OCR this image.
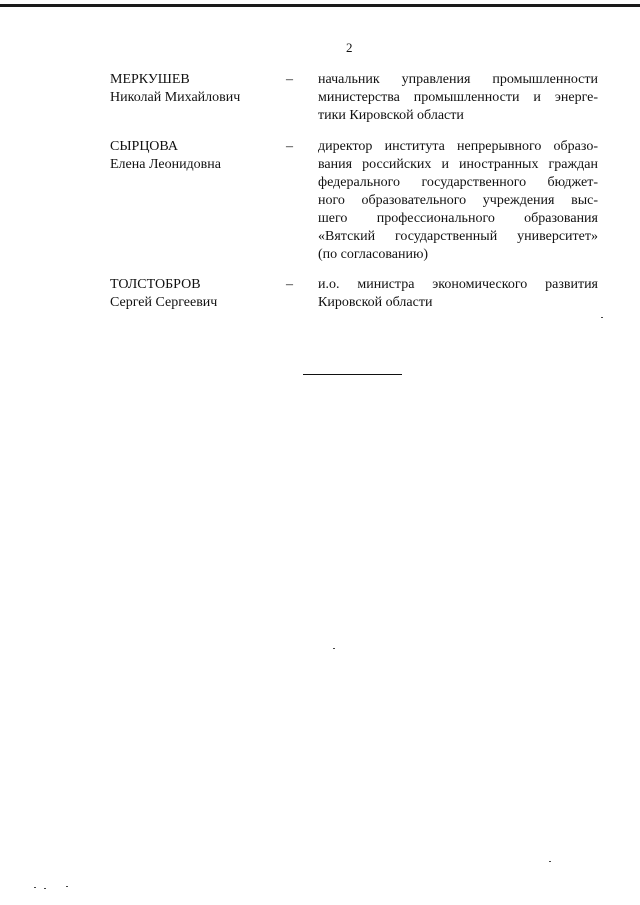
2
МЕРКУШЕВ
Николай Михайлович
– начальник управления промышленности
министерства промышленности и энерге-
тики Кировской области
СЫРЦОВА
Елена Леонидовна
– директор института непрерывного образо-
вания российских и иностранных граждан
федерального государственного бюджет-
ного образовательного учреждения выс-
шего профессионального образования
«Вятский государственный университет»
(по согласованию)
ТОЛСТОБРОВ
Сергей Сергеевич
– и.о. министра экономического развития
Кировской области
